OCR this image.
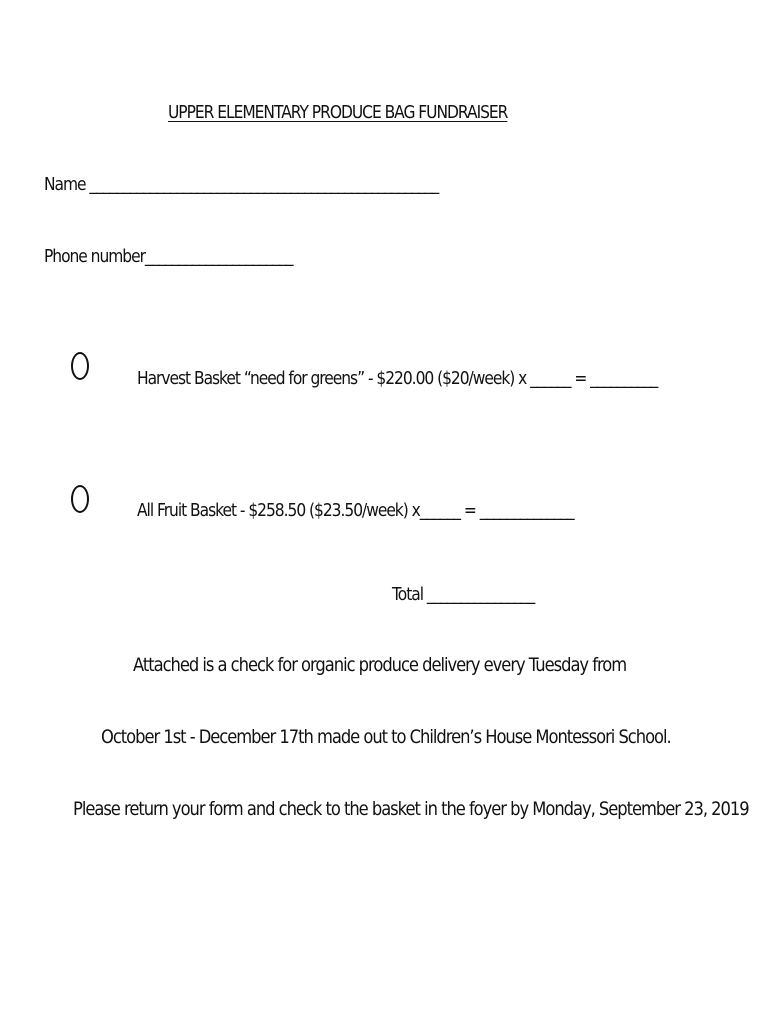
UPPER ELEMENTARY PRODUCE BAG FUNDRAISER
Name ____________________________________________________
Phone number______________________
Harvest Basket “need for greens” - $220.00 ($20/week) x ______ = __________
All Fruit Basket - $258.50 ($23.50/week) x______ = ______________
Total ________________
Attached is a check for organic produce delivery every Tuesday from
October 1st - December 17th made out to Children’s House Montessori School.
Please return your form and check to the basket in the foyer by Monday, September 23, 2019
